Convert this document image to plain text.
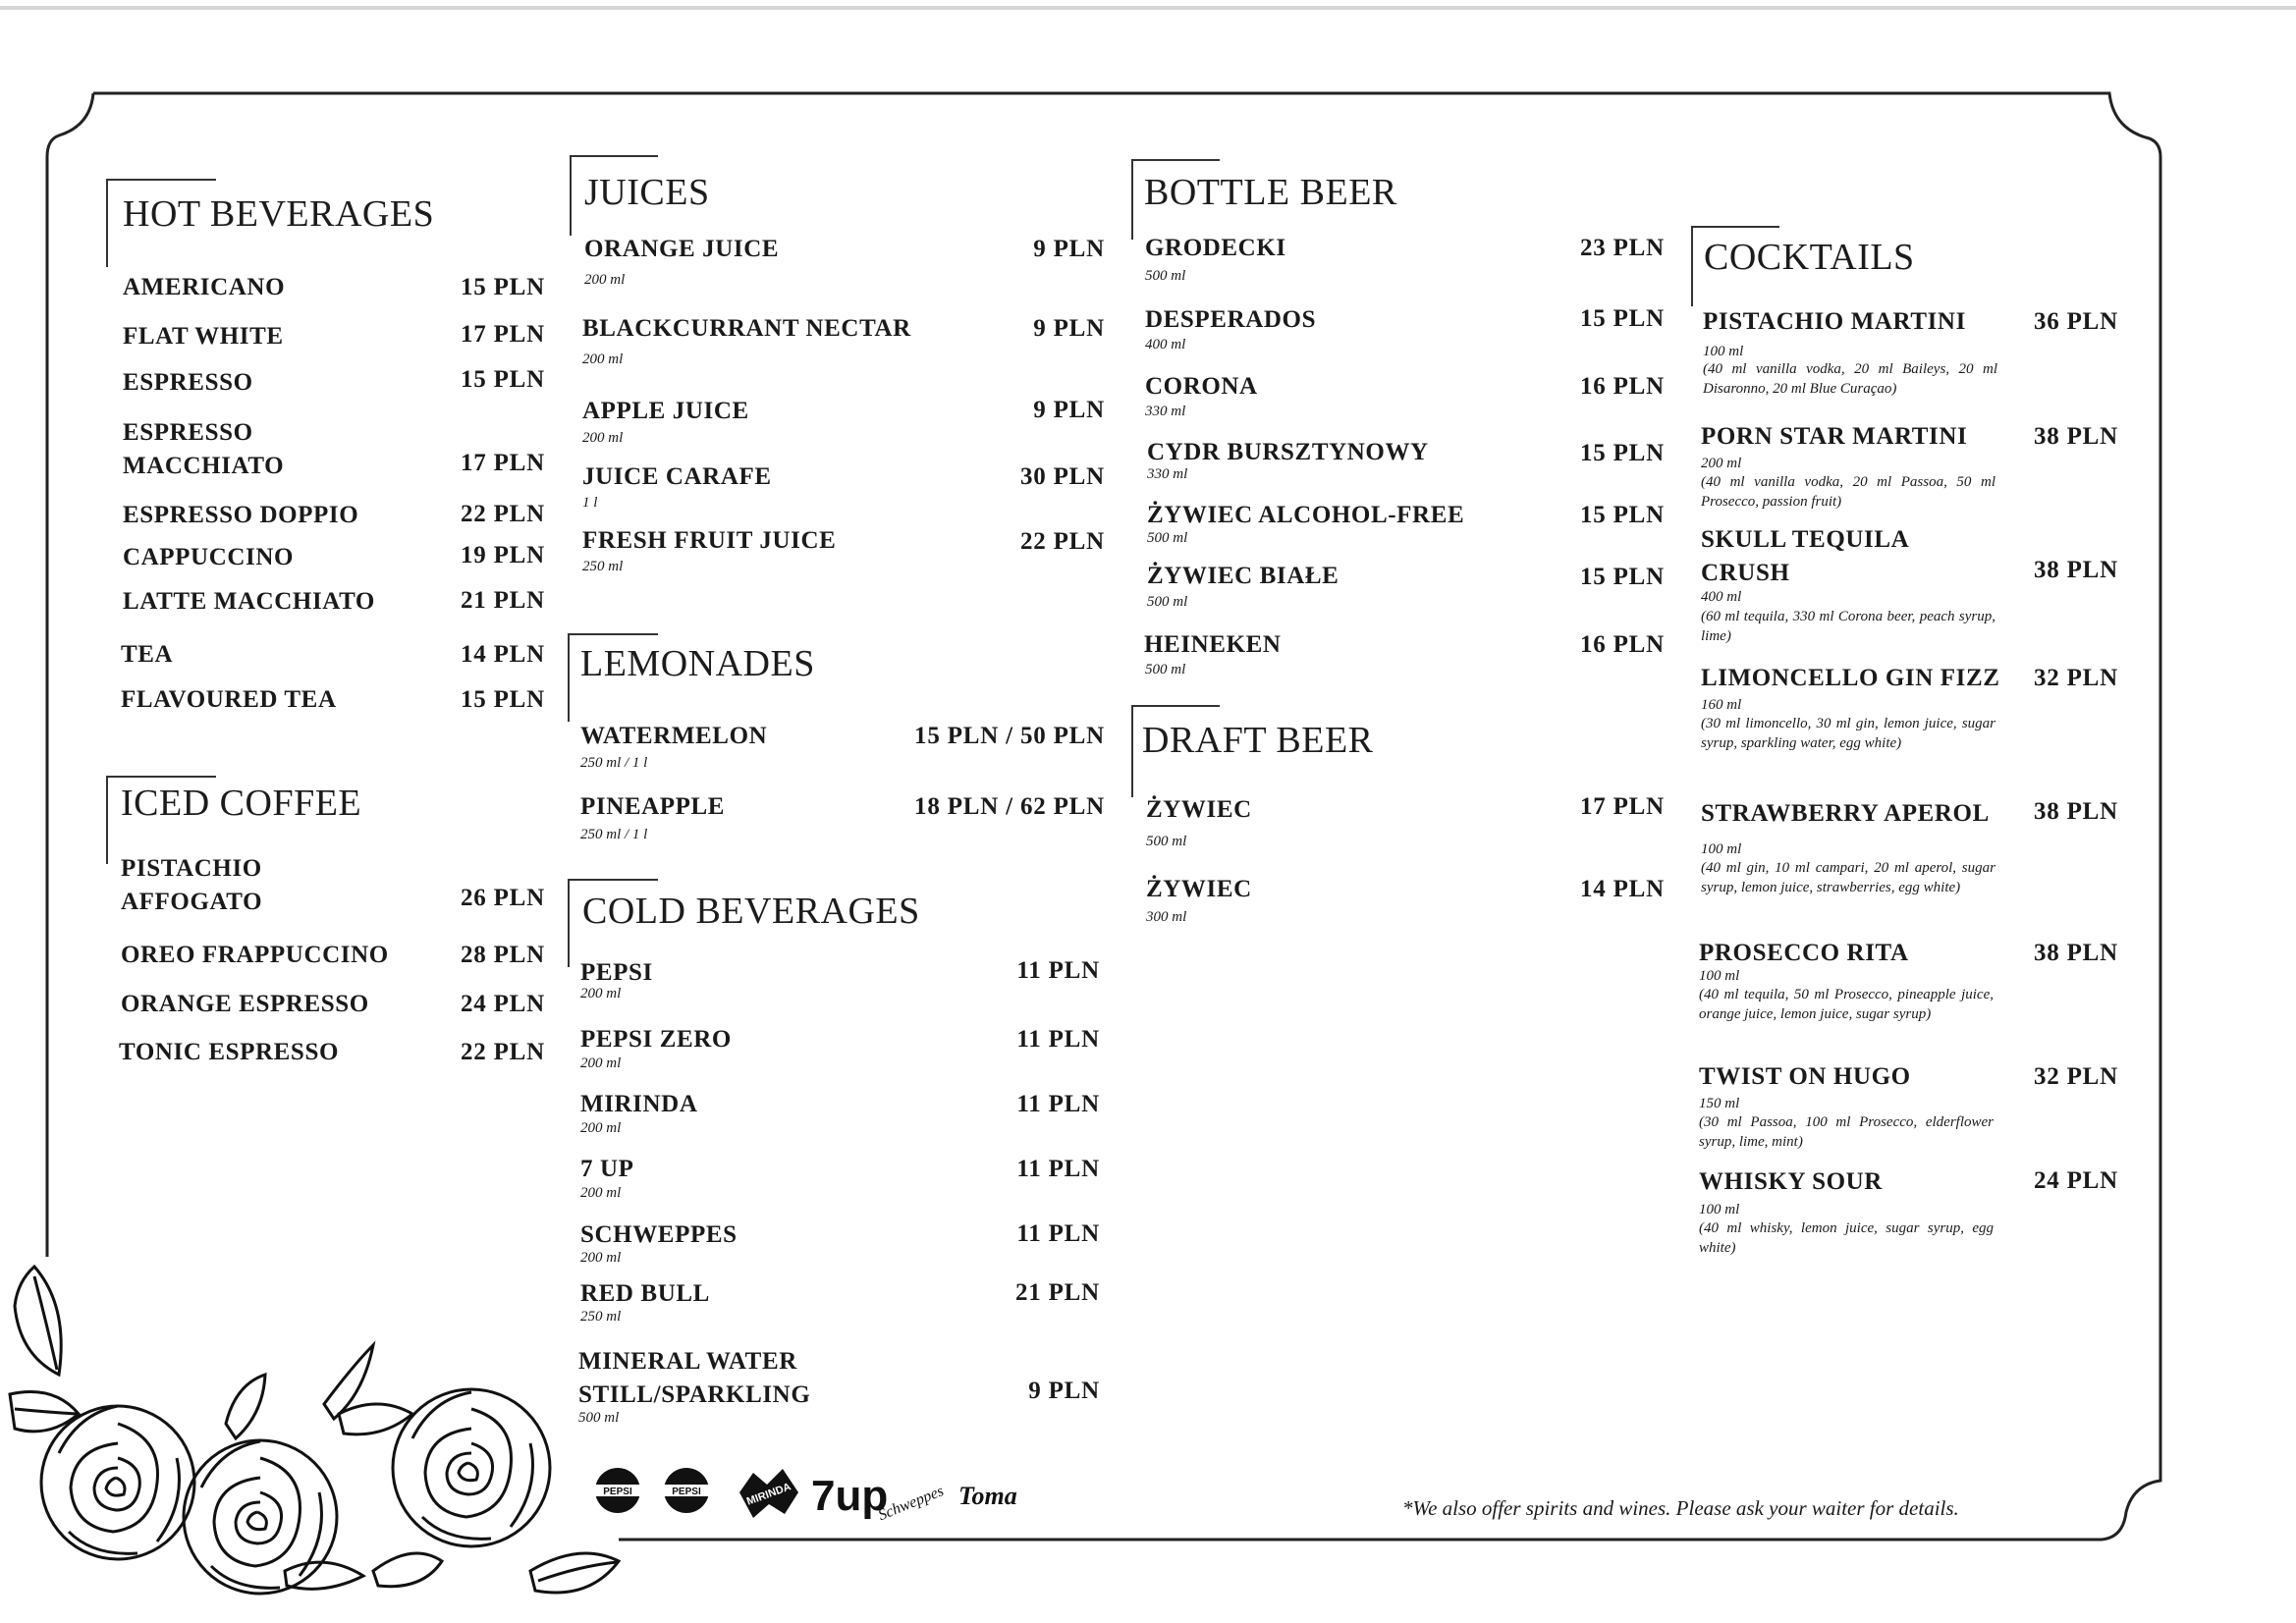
HOT BEVERAGES
AMERICANO	15 PLN
FLAT WHITE	17 PLN
ESPRESSO	15 PLN
ESPRESSO
MACCHIATO	17 PLN
ESPRESSO DOPPIO	22 PLN
CAPPUCCINO	19 PLN
LATTE MACCHIATO	21 PLN
TEA	14 PLN
FLAVOURED TEA	15 PLN
ICED COFFEE
PISTACHIO
AFFOGATO	26 PLN
OREO FRAPPUCCINO	28 PLN
ORANGE ESPRESSO	24 PLN
TONIC ESPRESSO	22 PLN
JUICES
ORANGE JUICE	9 PLN
200 ml
BLACKCURRANT NECTAR	9 PLN
200 ml
APPLE JUICE	9 PLN
200 ml
JUICE CARAFE	30 PLN
1 l
FRESH FRUIT JUICE	22 PLN
250 ml
LEMONADES
WATERMELON	15 PLN / 50 PLN
250 ml / 1 l
PINEAPPLE	18 PLN / 62 PLN
250 ml / 1 l
COLD BEVERAGES
PEPSI	11 PLN
200 ml
PEPSI ZERO	11 PLN
200 ml
MIRINDA	11 PLN
200 ml
7 UP	11 PLN
200 ml
SCHWEPPES	11 PLN
200 ml
RED BULL	21 PLN
250 ml
MINERAL WATER
STILL/SPARKLING	9 PLN
500 ml
PEPSI	PEPSI	MIRINDA 7up
Schweppes Toma
BOTTLE BEER
GRODECKI	23 PLN
500 ml
DESPERADOS	15 PLN
400 ml
CORONA	16 PLN
330 ml
CYDR BURSZTYNOWY	15 PLN
330 ml
ŻYWIEC ALCOHOL-FREE	15 PLN
500 ml
ŻYWIEC BIAŁE	15 PLN
500 ml
HEINEKEN	16 PLN
500 ml
DRAFT BEER
ŻYWIEC	17 PLN
500 ml
ŻYWIEC	14 PLN
300 ml
COCKTAILS
PISTACHIO MARTINI	36 PLN
100 ml
(40 ml vanilla vodka, 20 ml Baileys, 20 ml Disaronno, 20 ml Blue Curaçao)
PORN STAR MARTINI	38 PLN
200 ml
(40 ml vanilla vodka, 20 ml Passoa, 50 ml Prosecco, passion fruit)
SKULL TEQUILA
CRUSH	38 PLN
400 ml
(60 ml tequila, 330 ml Corona beer, peach syrup, lime)
LIMONCELLO GIN FIZZ	32 PLN
160 ml
(30 ml limoncello, 30 ml gin, lemon juice, sugar syrup, sparkling water, egg white)
STRAWBERRY APEROL	38 PLN
100 ml
(40 ml gin, 10 ml campari, 20 ml aperol, sugar syrup, lemon juice, strawberries, egg white)
PROSECCO RITA	38 PLN
100 ml
(40 ml tequila, 50 ml Prosecco, pineapple juice, orange juice, lemon juice, sugar syrup)
TWIST ON HUGO	32 PLN
150 ml
(30 ml Passoa, 100 ml Prosecco, elderflower syrup, lime, mint)
WHISKY SOUR	24 PLN
100 ml
(40 ml whisky, lemon juice, sugar syrup, egg white)
*We also offer spirits and wines. Please ask your waiter for details.
